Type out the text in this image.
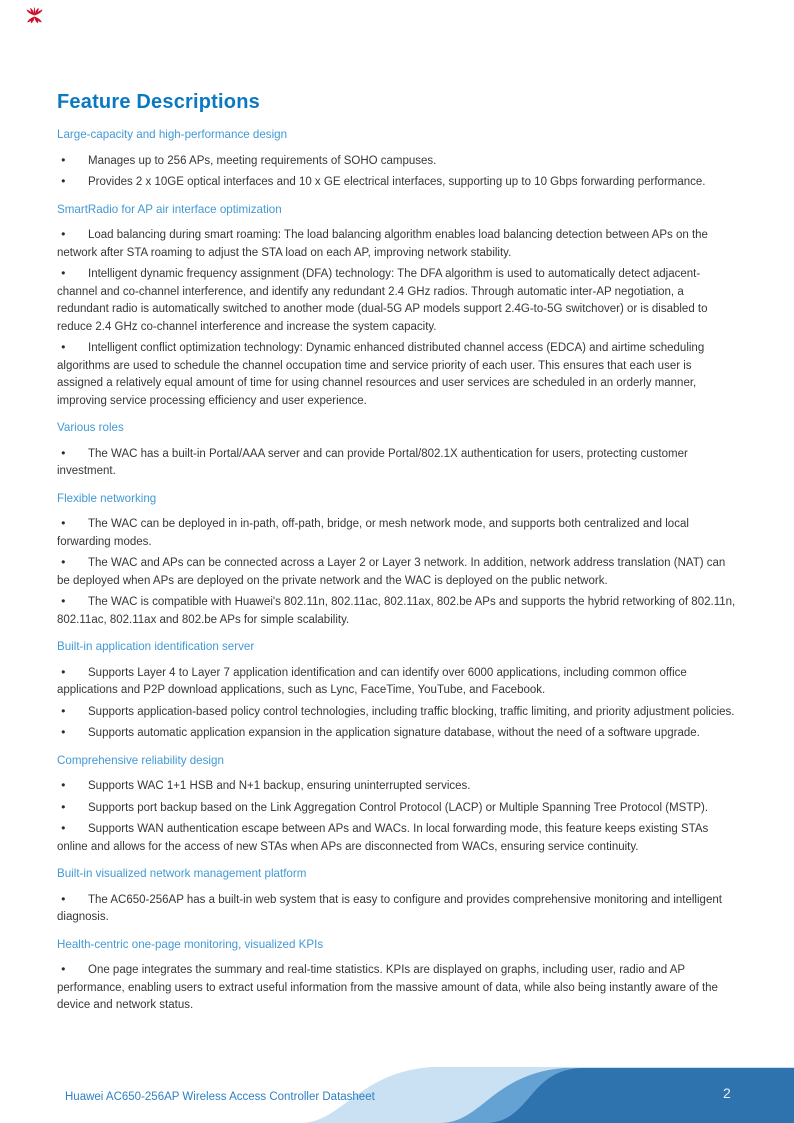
Feature Descriptions
Large-capacity and high-performance design

● Manages up to 256 APs, meeting requirements of SOHO campuses.

● Provides 2 x 10GE optical interfaces and 10 x GE electrical interfaces, supporting up to 10 Gbps forwarding performance.

SmartRadio for AP air interface optimization

● Load balancing during smart roaming: The load balancing algorithm enables load balancing detection between APs on the network after STA roaming to adjust the STA load on each AP, improving network stability.

● Intelligent dynamic frequency assignment (DFA) technology: The DFA algorithm is used to automatically detect adjacent-channel and co-channel interference, and identify any redundant 2.4 GHz radios. Through automatic inter-AP negotiation, a redundant radio is automatically switched to another mode (dual-5G AP models support 2.4G-to-5G switchover) or is disabled to reduce 2.4 GHz co-channel interference and increase the system capacity.

● Intelligent conflict optimization technology: Dynamic enhanced distributed channel access (EDCA) and airtime scheduling algorithms are used to schedule the channel occupation time and service priority of each user. This ensures that each user is assigned a relatively equal amount of time for using channel resources and user services are scheduled in an orderly manner, improving service processing efficiency and user experience.

Various roles

● The WAC has a built-in Portal/AAA server and can provide Portal/802.1X authentication for users, protecting customer investment.

Flexible networking

● The WAC can be deployed in in-path, off-path, bridge, or mesh network mode, and supports both centralized and local forwarding modes.

● The WAC and APs can be connected across a Layer 2 or Layer 3 network. In addition, network address translation (NAT) can be deployed when APs are deployed on the private network and the WAC is deployed on the public network.

● The WAC is compatible with Huawei's 802.11n, 802.11ac, 802.11ax, 802.be APs and supports the hybrid retworking of 802.11n, 802.11ac, 802.11ax and 802.be APs for simple scalability.

Built-in application identification server

● Supports Layer 4 to Layer 7 application identification and can identify over 6000 applications, including common office applications and P2P download applications, such as Lync, FaceTime, YouTube, and Facebook.

● Supports application-based policy control technologies, including traffic blocking, traffic limiting, and priority adjustment policies.

● Supports automatic application expansion in the application signature database, without the need of a software upgrade.

Comprehensive reliability design

● Supports WAC 1+1 HSB and N+1 backup, ensuring uninterrupted services.

● Supports port backup based on the Link Aggregation Control Protocol (LACP) or Multiple Spanning Tree Protocol (MSTP).

● Supports WAN authentication escape between APs and WACs. In local forwarding mode, this feature keeps existing STAs online and allows for the access of new STAs when APs are disconnected from WACs, ensuring service continuity.

Built-in visualized network management platform

● The AC650-256AP has a built-in web system that is easy to configure and provides comprehensive monitoring and intelligent diagnosis.

Health-centric one-page monitoring, visualized KPIs

● One page integrates the summary and real-time statistics. KPIs are displayed on graphs, including user, radio and AP performance, enabling users to extract useful information from the massive amount of data, while also being instantly aware of the device and network status.

Huawei AC650-256AP Wireless Access Controller Datasheet	2
